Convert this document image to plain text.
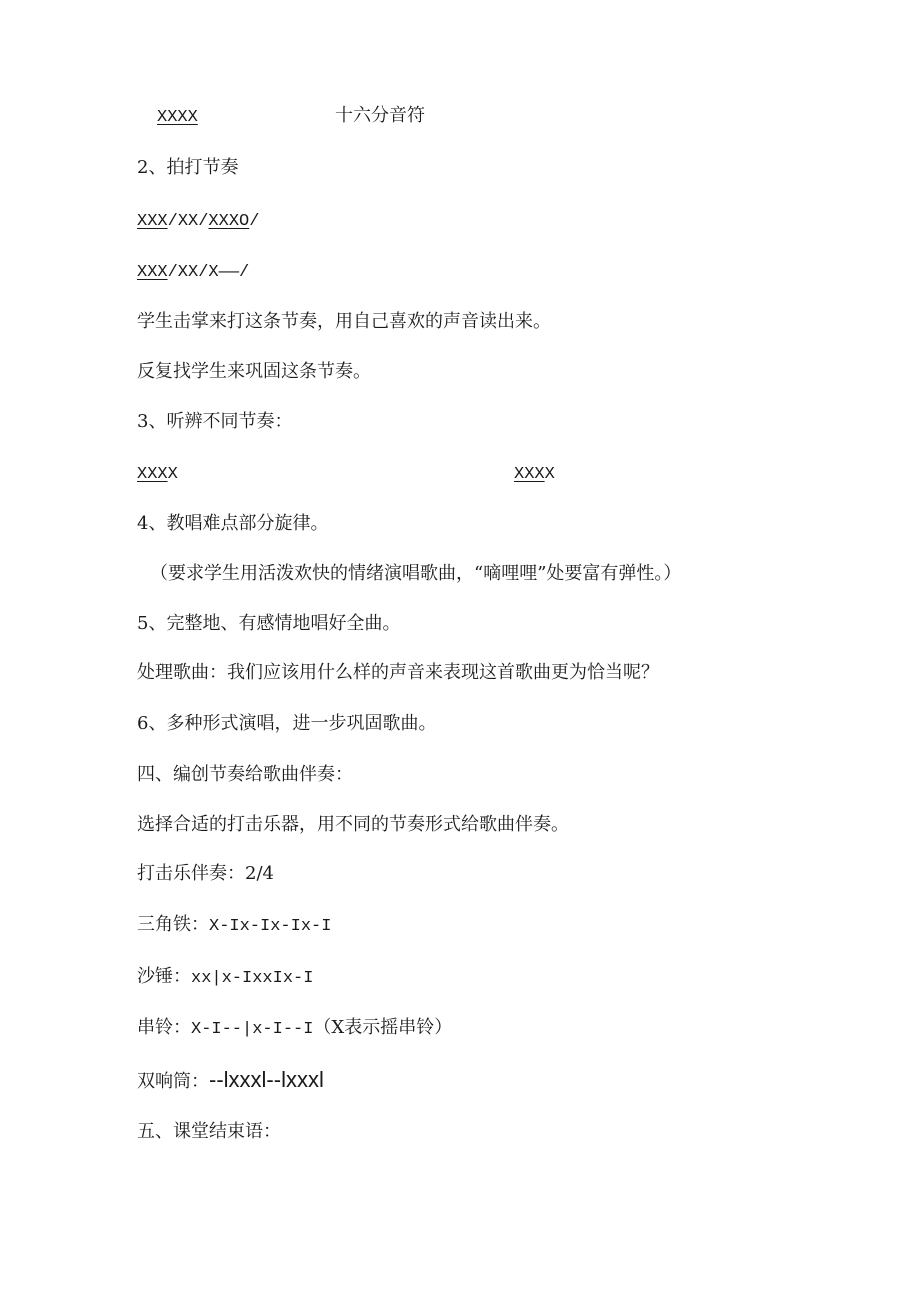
XXXX	十六分音符
2、拍打节奏
XXX/XX/XXXO/
XXX/XX/X——/
学生击掌来打这条节奏，用自己喜欢的声音读出来。
反复找学生来巩固这条节奏。
3、听辨不同节奏：
XXXX	XXXX
4、教唱难点部分旋律。
（要求学生用活泼欢快的情绪演唱歌曲，“嘀哩哩”处要富有弹性。）
5、完整地、有感情地唱好全曲。
处理歌曲：我们应该用什么样的声音来表现这首歌曲更为恰当呢？
6、多种形式演唱，进一步巩固歌曲。
四、编创节奏给歌曲伴奏：
选择合适的打击乐器，用不同的节奏形式给歌曲伴奏。
打击乐伴奏：2/4
三角铁：X-Ix-Ix-Ix-I
沙锤：xx|x-IxxIx-I
串铃：X-I--|x-I--I（X表示摇串铃）
双响筒：--lxxxl--lxxxl
五、课堂结束语：
